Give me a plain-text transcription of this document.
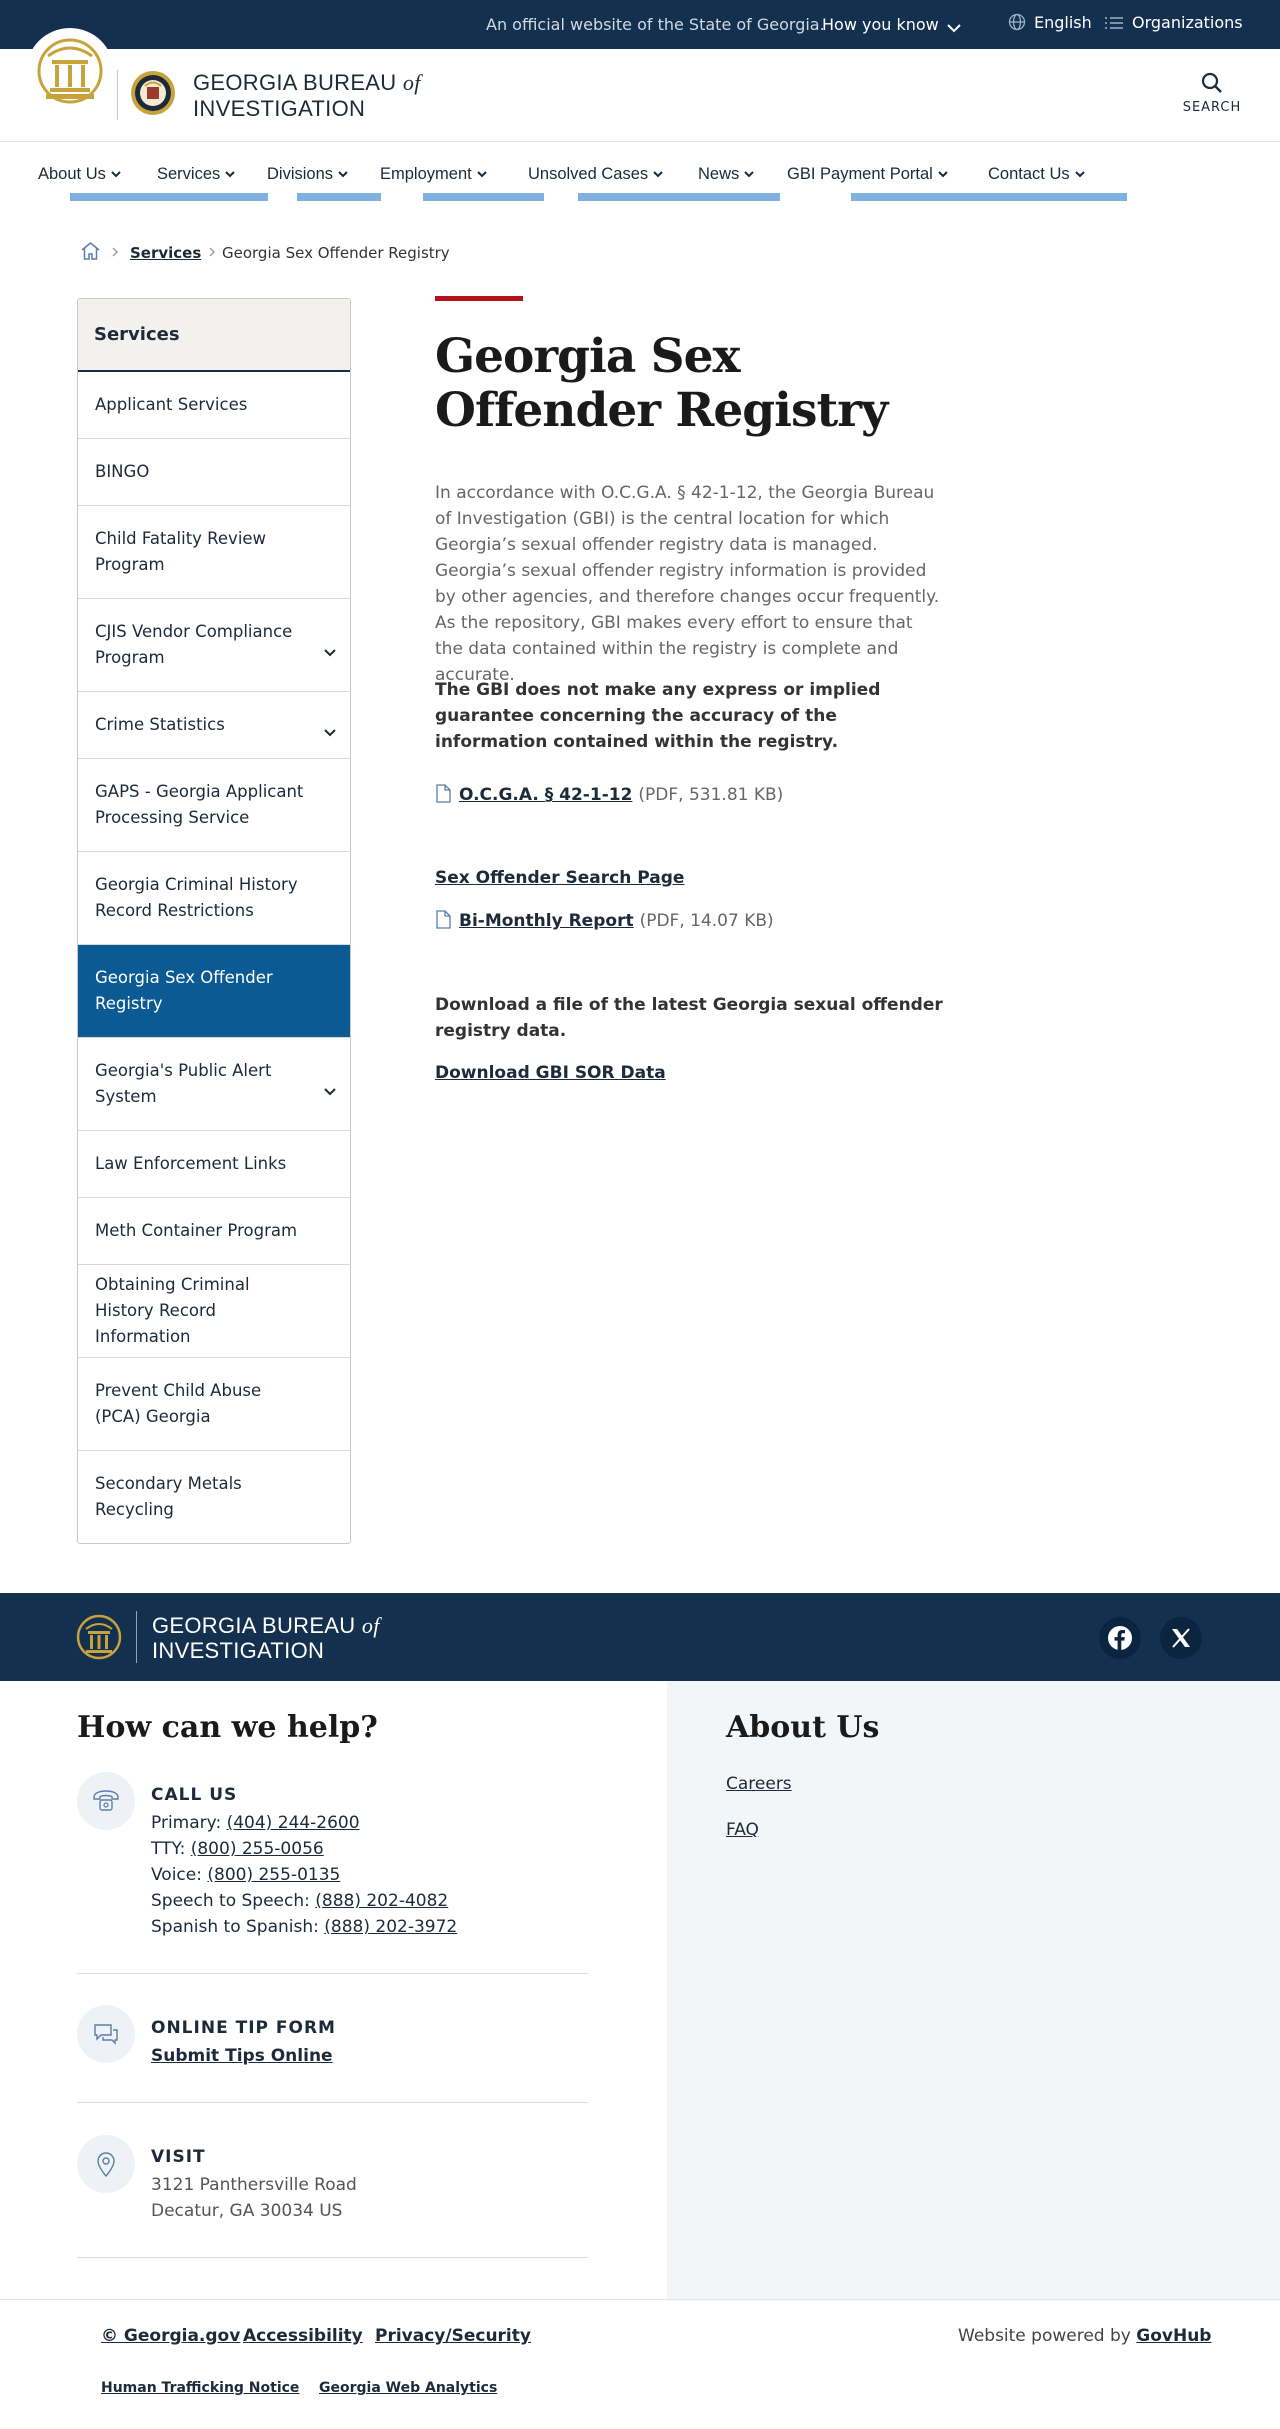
An official website of the State of Georgia.
How you know	English	Organizations
GEORGIA BUREAU of
INVESTIGATION	SEARCH
About Us	Services	Divisions	Employment	Unsolved Cases	News	GBI Payment Portal	Contact Us
Services Georgia Sex Offender Registry
Services
Applicant Services
BINGO
Child Fatality Review Program
CJIS Vendor Compliance Program
Crime Statistics
GAPS - Georgia Applicant Processing Service
Georgia Criminal History Record Restrictions
Georgia Sex Offender Registry
Georgia's Public Alert System
Law Enforcement Links
Meth Container Program
Obtaining Criminal History Record Information
Prevent Child Abuse (PCA) Georgia
Secondary Metals Recycling
Georgia Sex Offender Registry

In accordance with O.C.G.A. § 42-1-12, the Georgia Bureau of Investigation (GBI) is the central location for which Georgia’s sexual offender registry data is managed. Georgia’s sexual offender registry information is provided by other agencies, and therefore changes occur frequently. As the repository, GBI makes every effort to ensure that the data contained within the registry is complete and accurate.

The GBI does not make any express or implied guarantee concerning the accuracy of the information contained within the registry.

O.C.G.A. § 42-1-12 (PDF, 531.81 KB)
Sex Offender Search Page
Bi-Monthly Report (PDF, 14.07 KB)

Download a file of the latest Georgia sexual offender registry data.

Download GBI SOR Data
GEORGIA BUREAU of
INVESTIGATION
How can we help?
CALL US
Primary: (404) 244-2600
TTY: (800) 255-0056
Voice: (800) 255-0135
Speech to Speech: (888) 202-4082
Spanish to Spanish: (888) 202-3972
ONLINE TIP FORM
Submit Tips Online
VISIT
3121 Panthersville Road
Decatur, GA 30034 US
About Us
Careers
FAQ
© Georgia.gov Accessibility Privacy/Security	Website powered by GovHub
Human Trafficking Notice Georgia Web Analytics
